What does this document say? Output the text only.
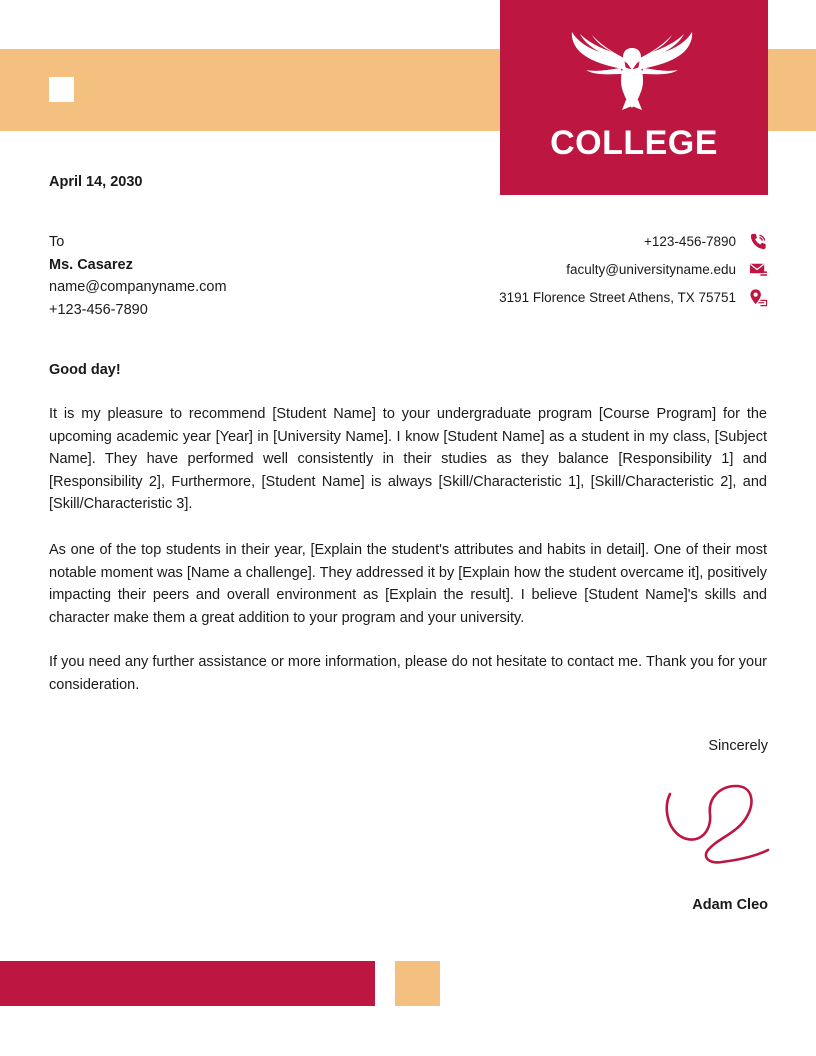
COLLEGE
April 14, 2030
To
Ms. Casarez
name@companyname.com
+123-456-7890
+123-456-7890
faculty@universityname.edu
3191 Florence Street Athens, TX 75751
Good day!
It is my pleasure to recommend [Student Name] to your undergraduate program [Course Program] for the upcoming academic year [Year] in [University Name]. I know [Student Name] as a student in my class, [Subject Name]. They have performed well consistently in their studies as they balance [Responsibility 1] and [Responsibility 2], Furthermore, [Student Name] is always [Skill/Characteristic 1], [Skill/Characteristic 2], and [Skill/Characteristic 3].
As one of the top students in their year, [Explain the student's attributes and habits in detail]. One of their most notable moment was [Name a challenge]. They addressed it by [Explain how the student overcame it], positively impacting their peers and overall environment as [Explain the result]. I believe [Student Name]'s skills and character make them a great addition to your program and your university.
If you need any further assistance or more information, please do not hesitate to contact me. Thank you for your consideration.
Sincerely
Adam Cleo
